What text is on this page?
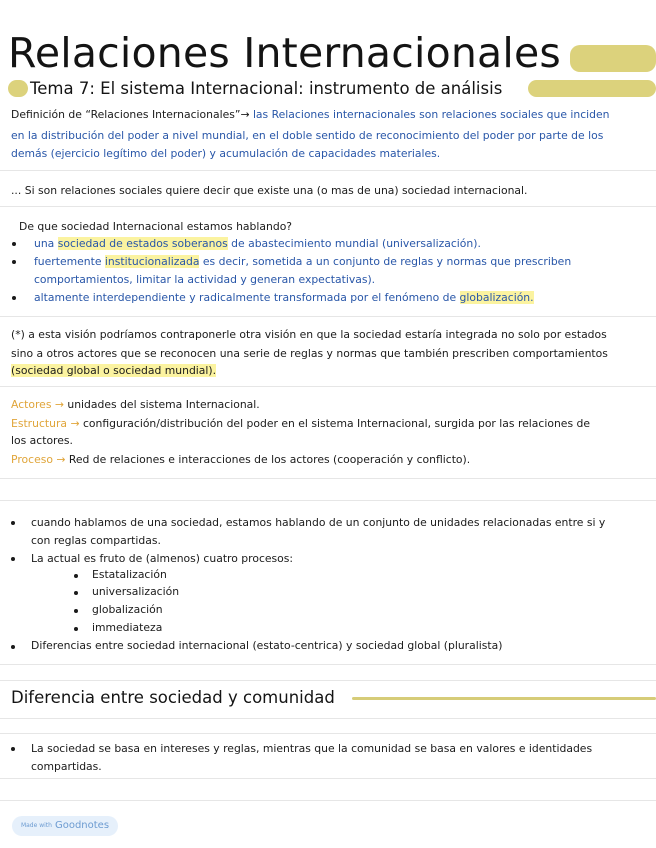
Relaciones Internacionales
Tema 7: El sistema Internacional: instrumento de análisis
Definición de “Relaciones Internacionales”→ las Relaciones internacionales son relaciones sociales que inciden
en la distribución del poder a nivel mundial, en el doble sentido de reconocimiento del poder por parte de los
demás (ejercicio legítimo del poder) y acumulación de capacidades materiales.
... Si son relaciones sociales quiere decir que existe una (o mas de una) sociedad internacional.
De que sociedad Internacional estamos hablando?
una sociedad de estados soberanos de abastecimiento mundial (universalización).
fuertemente institucionalizada es decir, sometida a un conjunto de reglas y normas que prescriben
comportamientos, limitar la actividad y generan expectativas).
altamente interdependiente y radicalmente transformada por el fenómeno de globalización.
(*) a esta visión podríamos contraponerle otra visión en que la sociedad estaría integrada no solo por estados
sino a otros actores que se reconocen una serie de reglas y normas que también prescriben comportamientos
(sociedad global o sociedad mundial).
Actores → unidades del sistema Internacional.
Estructura → configuración/distribución del poder en el sistema Internacional, surgida por las relaciones de
los actores.
Proceso → Red de relaciones e interacciones de los actores (cooperación y conflicto).
cuando hablamos de una sociedad, estamos hablando de un conjunto de unidades relacionadas entre si y
con reglas compartidas.
La actual es fruto de (almenos) cuatro procesos:
Estatalización
universalización
globalización
immediateza
Diferencias entre sociedad internacional (estato-centrica) y sociedad global (pluralista)
Diferencia entre sociedad y comunidad
La sociedad se basa en intereses y reglas, mientras que la comunidad se basa en valores e identidades
compartidas.
Made with Goodnotes
